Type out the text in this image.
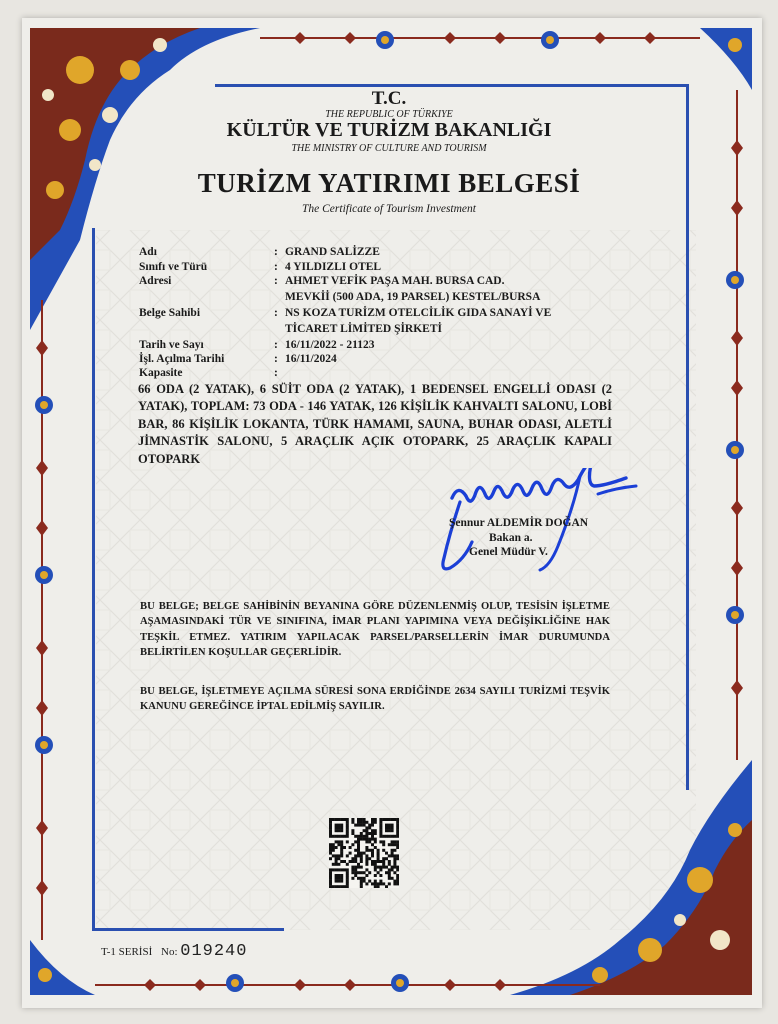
T.C.
THE REPUBLIC OF TÜRKIYE
KÜLTÜR VE TURİZM BAKANLIĞI
THE MINISTRY OF CULTURE AND TOURISM
TURİZM YATIRIMI BELGESİ
The Certificate of Tourism Investment
Adı	: GRAND SALİZZE
Sınıfı ve Türü	: 4 YILDIZLI OTEL
Adresi	: AHMET VEFİK PAŞA MAH. BURSA CAD.
MEVKİİ (500 ADA, 19 PARSEL) KESTEL/BURSA
Belge Sahibi	: NS KOZA TURİZM OTELCİLİK GIDA SANAYİ VE
TİCARET LİMİTED ŞİRKETİ
Tarih ve Sayı	: 16/11/2022 - 21123
İşl. Açılma Tarihi	: 16/11/2024
Kapasite	:
66 ODA (2 YATAK), 6 SÜİT ODA (2 YATAK), 1 BEDENSEL ENGELLİ ODASI (2 YATAK), TOPLAM: 73 ODA - 146 YATAK, 126 KİŞİLİK KAHVALTI SALONU, LOBİ BAR, 86 KİŞİLİK LOKANTA, TÜRK HAMAMI, SAUNA, BUHAR ODASI, ALETLİ JİMNASTİK SALONU, 5 ARAÇLIK AÇIK OTOPARK, 25 ARAÇLIK KAPALI OTOPARK
Şennur ALDEMİR DOĞAN
Bakan a.
Genel Müdür V.
BU BELGE; BELGE SAHİBİNİN BEYANINA GÖRE DÜZENLENMİŞ OLUP, TESİSİN İŞLETME AŞAMASINDAKİ TÜR VE SINIFINA, İMAR PLANI YAPIMINA VEYA DEĞİŞİKLİĞİNE HAK TEŞKİL ETMEZ. YATIRIM YAPILACAK PARSEL/PARSELLERİN İMAR DURUMUNDA BELİRTİLEN KOŞULLAR GEÇERLİDİR.
BU BELGE, İŞLETMEYE AÇILMA SÜRESİ SONA ERDİĞİNDE 2634 SAYILI TURİZMİ TEŞVİK KANUNU GEREĞİNCE İPTAL EDİLMİŞ SAYILIR.
T-1 SERİSİ No: 019240
